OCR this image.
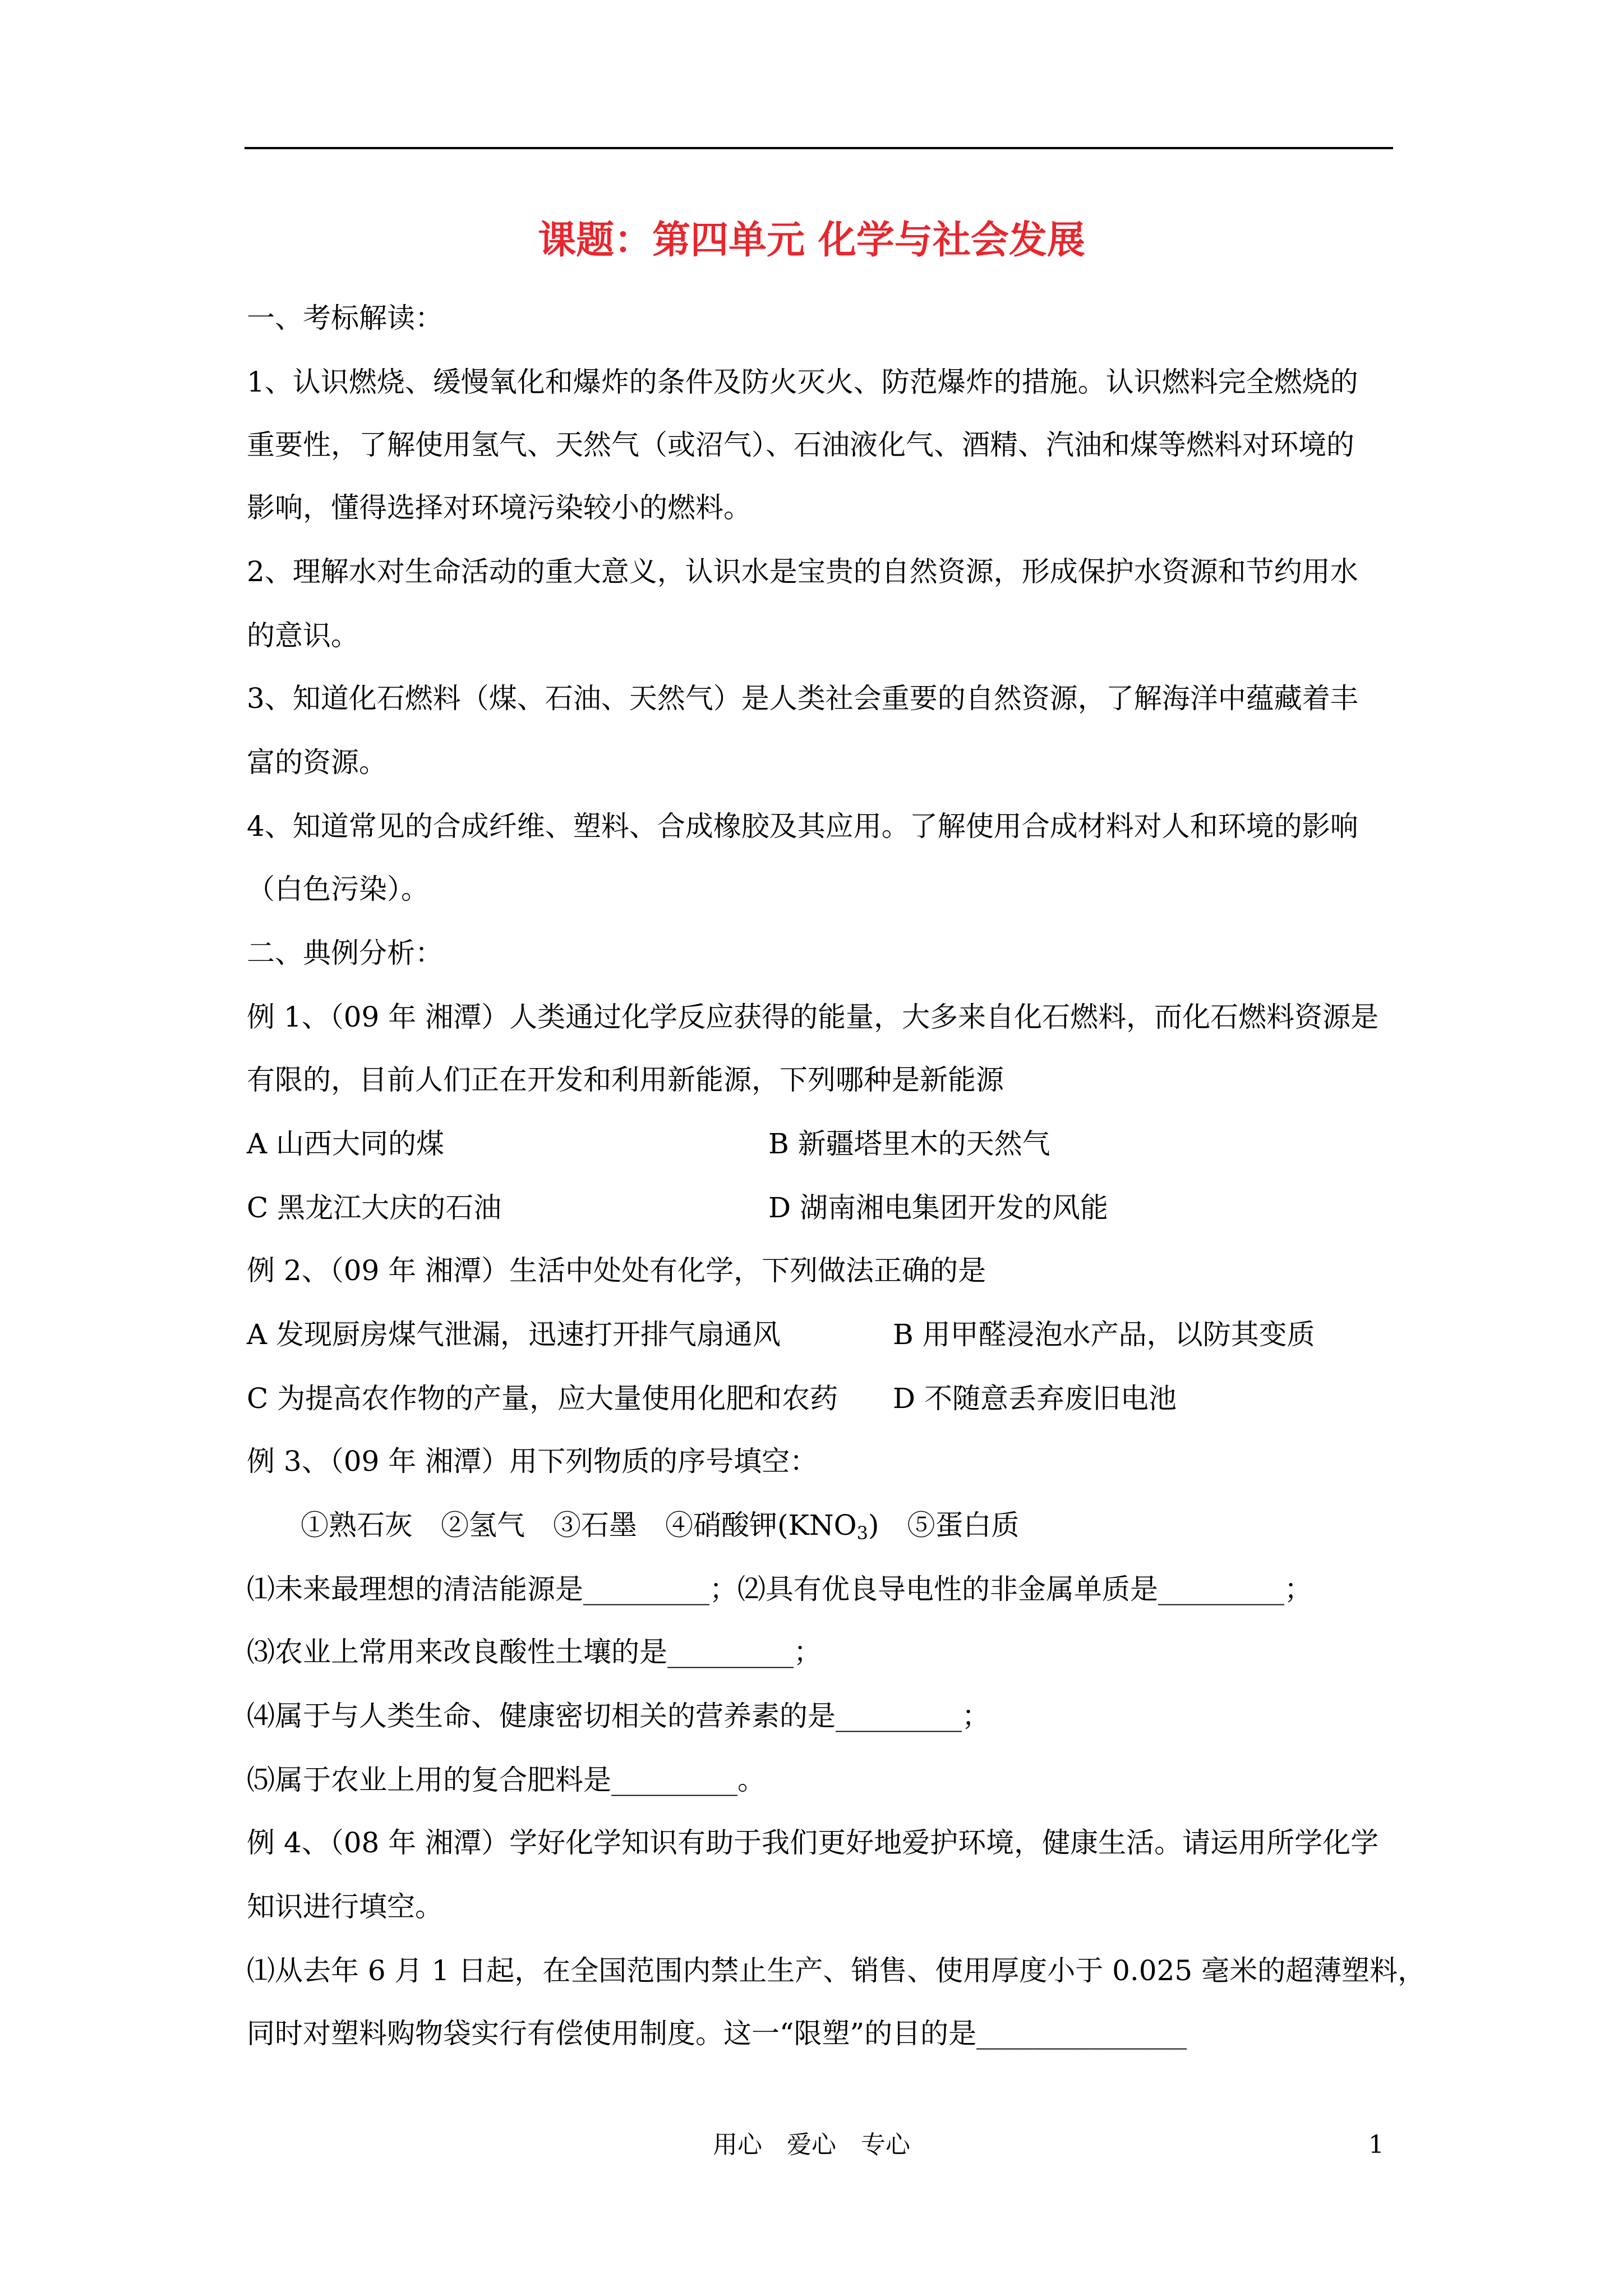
课题：第四单元 化学与社会发展
一、考标解读：
1、认识燃烧、缓慢氧化和爆炸的条件及防火灭火、防范爆炸的措施。认识燃料完全燃烧的
重要性，了解使用氢气、天然气（或沼气）、石油液化气、酒精、汽油和煤等燃料对环境的
影响，懂得选择对环境污染较小的燃料。
2、理解水对生命活动的重大意义，认识水是宝贵的自然资源，形成保护水资源和节约用水
的意识。
3、知道化石燃料（煤、石油、天然气）是人类社会重要的自然资源，了解海洋中蕴藏着丰
富的资源。
4、知道常见的合成纤维、塑料、合成橡胶及其应用。了解使用合成材料对人和环境的影响
（白色污染）。
二、典例分析：
例 1、（09 年 湘潭）人类通过化学反应获得的能量，大多来自化石燃料，而化石燃料资源是
有限的，目前人们正在开发和利用新能源，下列哪种是新能源
A 山西大同的煤	B 新疆塔里木的天然气
C 黑龙江大庆的石油	D 湖南湘电集团开发的风能
例 2、（09 年 湘潭）生活中处处有化学，下列做法正确的是
A 发现厨房煤气泄漏，迅速打开排气扇通风	B 用甲醛浸泡水产品，以防其变质
C 为提高农作物的产量，应大量使用化肥和农药 D 不随意丢弃废旧电池
例 3、（09 年 湘潭）用下列物质的序号填空：
①熟石灰　②氢气　③石墨　④硝酸钾$(KNO_3)$　⑤蛋白质
⑴未来最理想的清洁能源是_________；⑵具有优良导电性的非金属单质是_________；
⑶农业上常用来改良酸性土壤的是_________；
⑷属于与人类生命、健康密切相关的营养素的是_________；
⑸属于农业上用的复合肥料是_________。
例 4、（08 年 湘潭）学好化学知识有助于我们更好地爱护环境，健康生活。请运用所学化学
知识进行填空。
⑴从去年 6 月 1 日起，在全国范围内禁止生产、销售、使用厚度小于 0.025 毫米的超薄塑料，
同时对塑料购物袋实行有偿使用制度。这一“限塑”的目的是_______________
用心　爱心　专心	1
